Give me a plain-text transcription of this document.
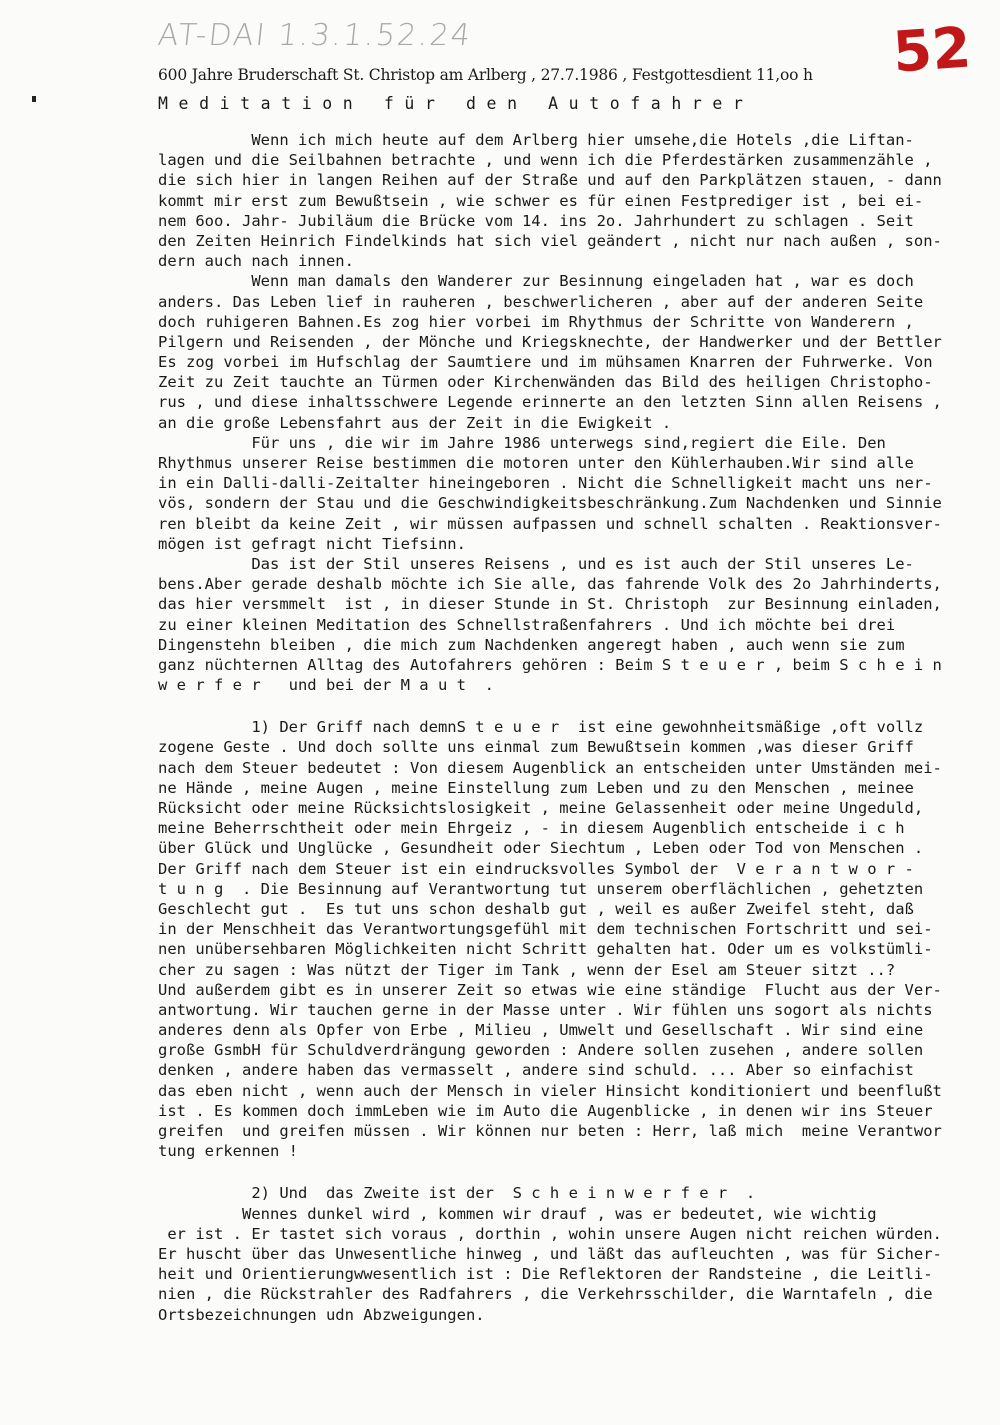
AT-DAI 1.3.1.52.24	52
600 Jahre Bruderschaft St. Christop am Arlberg , 27.7.1986 , Festgottesdient 11,oo h
Meditation für den Autofahrer
Wenn ich mich heute auf dem Arlberg hier umsehe,die Hotels ,die Liftan-
lagen und die Seilbahnen betrachte , und wenn ich die Pferdestärken zusammenzähle ,
die sich hier in langen Reihen auf der Straße und auf den Parkplätzen stauen, - dann
kommt mir erst zum Bewußtsein , wie schwer es für einen Festprediger ist , bei ei-
nem 6oo. Jahr- Jubiläum die Brücke vom 14. ins 2o. Jahrhundert zu schlagen . Seit
den Zeiten Heinrich Findelkinds hat sich viel geändert , nicht nur nach außen , son-
dern auch nach innen.
Wenn man damals den Wanderer zur Besinnung eingeladen hat , war es doch
anders. Das Leben lief in rauheren , beschwerlicheren , aber auf der anderen Seite
doch ruhigeren Bahnen.Es zog hier vorbei im Rhythmus der Schritte von Wanderern ,
Pilgern und Reisenden , der Mönche und Kriegsknechte, der Handwerker und der Bettler
Es zog vorbei im Hufschlag der Saumtiere und im mühsamen Knarren der Fuhrwerke. Von
Zeit zu Zeit tauchte an Türmen oder Kirchenwänden das Bild des heiligen Christopho-
rus , und diese inhaltsschwere Legende erinnerte an den letzten Sinn allen Reisens ,
an die große Lebensfahrt aus der Zeit in die Ewigkeit .
Für uns , die wir im Jahre 1986 unterwegs sind,regiert die Eile. Den
Rhythmus unserer Reise bestimmen die motoren unter den Kühlerhauben.Wir sind alle
in ein Dalli-dalli-Zeitalter hineingeboren . Nicht die Schnelligkeit macht uns ner-
vös, sondern der Stau und die Geschwindigkeitsbeschränkung.Zum Nachdenken und Sinnie
ren bleibt da keine Zeit , wir müssen aufpassen und schnell schalten . Reaktionsver-
mögen ist gefragt nicht Tiefsinn.
Das ist der Stil unseres Reisens , und es ist auch der Stil unseres Le-
bens.Aber gerade deshalb möchte ich Sie alle, das fahrende Volk des 2o Jahrhinderts,
das hier versmmelt  ist , in dieser Stunde in St. Christoph  zur Besinnung einladen,
zu einer kleinen Meditation des Schnellstraßenfahrers . Und ich möchte bei drei
Dingenstehn bleiben , die mich zum Nachdenken angeregt haben , auch wenn sie zum
ganz nüchternen Alltag des Autofahrers gehören : Beim S t e u e r , beim S c h e i n
w e r f e r   und bei der M a u t  .
1) Der Griff nach demnS t e u e r  ist eine gewohnheitsmäßige ,oft vollz
zogene Geste . Und doch sollte uns einmal zum Bewußtsein kommen ,was dieser Griff
nach dem Steuer bedeutet : Von diesem Augenblick an entscheiden unter Umständen mei-
ne Hände , meine Augen , meine Einstellung zum Leben und zu den Menschen , meinee
Rücksicht oder meine Rücksichtslosigkeit , meine Gelassenheit oder meine Ungeduld,
meine Beherrschtheit oder mein Ehrgeiz , - in diesem Augenblich entscheide i c h
über Glück und Unglücke , Gesundheit oder Siechtum , Leben oder Tod von Menschen .
Der Griff nach dem Steuer ist ein eindrucksvolles Symbol der  V e r a n t w o r -
t u n g  . Die Besinnung auf Verantwortung tut unserem oberflächlichen , gehetzten
Geschlecht gut .  Es tut uns schon deshalb gut , weil es außer Zweifel steht, daß
in der Menschheit das Verantwortungsgefühl mit dem technischen Fortschritt und sei-
nen unübersehbaren Möglichkeiten nicht Schritt gehalten hat. Oder um es volkstümli-
cher zu sagen : Was nützt der Tiger im Tank , wenn der Esel am Steuer sitzt ..?
Und außerdem gibt es in unserer Zeit so etwas wie eine ständige  Flucht aus der Ver-
antwortung. Wir tauchen gerne in der Masse unter . Wir fühlen uns sogort als nichts
anderes denn als Opfer von Erbe , Milieu , Umwelt und Gesellschaft . Wir sind eine
große GsmbH für Schuldverdrängung geworden : Andere sollen zusehen , andere sollen
denken , andere haben das vermasselt , andere sind schuld. ... Aber so einfachist
das eben nicht , wenn auch der Mensch in vieler Hinsicht konditioniert und beenflußt
ist . Es kommen doch immLeben wie im Auto die Augenblicke , in denen wir ins Steuer
greifen  und greifen müssen . Wir können nur beten : Herr, laß mich  meine Verantwor
tung erkennen !
2) Und  das Zweite ist der  S c h e i n w e r f e r  .
Wennes dunkel wird , kommen wir drauf , was er bedeutet, wie wichtig
er ist . Er tastet sich voraus , dorthin , wohin unsere Augen nicht reichen würden.
Er huscht über das Unwesentliche hinweg , und läßt das aufleuchten , was für Sicher-
heit und Orientierungwwesentlich ist : Die Reflektoren der Randsteine , die Leitli-
nien , die Rückstrahler des Radfahrers , die Verkehrsschilder, die Warntafeln , die
Ortsbezeichnungen udn Abzweigungen.
